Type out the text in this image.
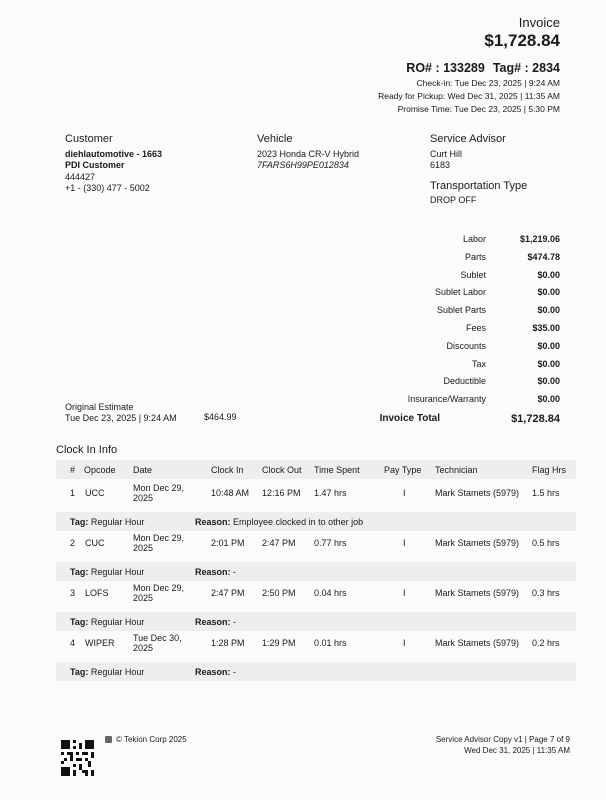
Invoice
$1,728.84
RO# : 133289 Tag# : 2834
Check-in: Tue Dec 23, 2025 | 9:24 AM
Ready for Pickup: Wed Dec 31, 2025 | 11:35 AM
Promise Time: Tue Dec 23, 2025 | 5:30 PM
Customer
diehlautomotive - 1663
PDI Customer
444427
+1 - (330) 477 - 5002
Vehicle
2023 Honda CR-V Hybrid
7FARS6H99PE012834
Service Advisor
Curt Hill
6183
Transportation Type
DROP OFF
Labor	$1,219.06
Parts	$474.78
Sublet	$0.00
Sublet Labor	$0.00
Sublet Parts	$0.00
Fees	$35.00
Discounts	$0.00
Tax	$0.00
Deductible	$0.00
Insurance/Warranty	$0.00
Invoice Total	$1,728.84
Original Estimate
Tue Dec 23, 2025 | 9:24 AM	$464.99
Clock In Info
# Opcode Date	Clock In Clock Out Time Spent	Pay Type Technician	Flag Hrs
1 UCC	Mon Dec 29,
2025	10:48 AM 12:16 PM 1.47 hrs	I	Mark Stamets (5979) 1.5 hrs
Tag: Regular Hour	Reason: Employee clocked in to other job
2 CUC	Mon Dec 29,
2025	2:01 PM 2:47 PM 0.77 hrs	I	Mark Stamets (5979) 0.5 hrs
Tag: Regular Hour	Reason: -
3 LOFS	Mon Dec 29,
2025	2:47 PM 2:50 PM 0.04 hrs	I	Mark Stamets (5979) 0.3 hrs
Tag: Regular Hour	Reason: -
4 WIPER Tue Dec 30,
2025	1:28 PM 1:29 PM 0.01 hrs	I	Mark Stamets (5979) 0.2 hrs
Tag: Regular Hour	Reason: -
© Tekion Corp 2025	Service Advisor Copy v1 | Page 7 of 9
Wed Dec 31, 2025 | 11:35 AM
